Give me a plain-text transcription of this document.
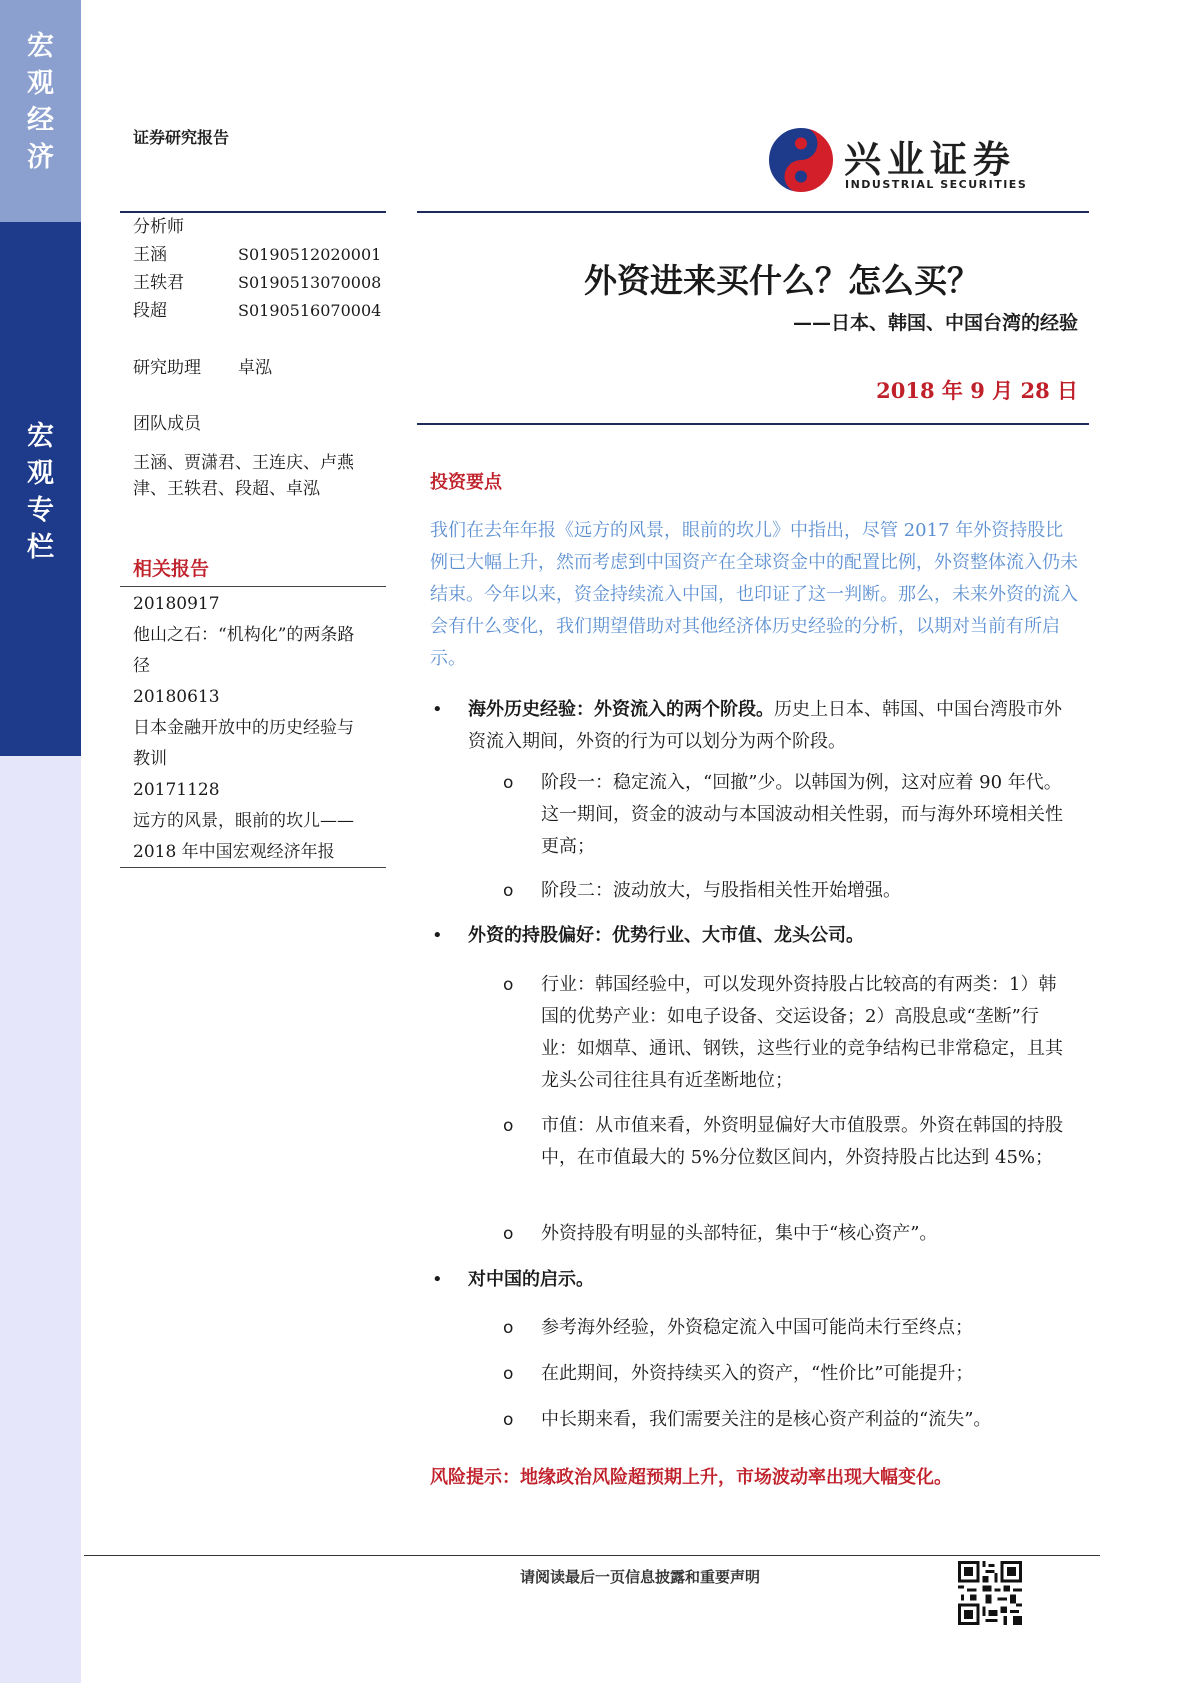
宏
观
经
济
宏
观
专
栏
证券研究报告
兴业证券
INDUSTRIAL SECURITIES
分析师
王涵	S0190512020001
王轶君	S0190513070008
段超	S0190516070004
研究助理 卓泓
团队成员
王涵、贾潇君、王连庆、卢燕
津、王轶君、段超、卓泓
相关报告
20180917
他山之石：“机构化”的两条路
径
20180613
日本金融开放中的历史经验与
教训
20171128
远方的风景，眼前的坎儿——
2018 年中国宏观经济年报
外资进来买什么？怎么买？
——日本、韩国、中国台湾的经验
2018 年 9 月 28 日
投资要点
我们在去年年报《远方的风景，眼前的坎儿》中指出，尽管 2017 年外资持股比例已大幅上升，然而考虑到中国资产在全球资金中的配置比例，外资整体流入仍未结束。今年以来，资金持续流入中国，也印证了这一判断。那么，未来外资的流入会有什么变化，我们期望借助对其他经济体历史经验的分析，以期对当前有所启示。
• 海外历史经验：外资流入的两个阶段。历史上日本、韩国、中国台湾股市外资流入期间，外资的行为可以划分为两个阶段。
o 阶段一：稳定流入，“回撤”少。以韩国为例，这对应着 90 年代。这一期间，资金的波动与本国波动相关性弱，而与海外环境相关性更高；
o 阶段二：波动放大，与股指相关性开始增强。
• 外资的持股偏好：优势行业、大市值、龙头公司。
o 行业：韩国经验中，可以发现外资持股占比较高的有两类：1）韩国的优势产业：如电子设备、交运设备；2）高股息或“垄断”行业：如烟草、通讯、钢铁，这些行业的竞争结构已非常稳定，且其龙头公司往往具有近垄断地位；
o 市值：从市值来看，外资明显偏好大市值股票。外资在韩国的持股中，在市值最大的 5%分位数区间内，外资持股占比达到 45%；
o 外资持股有明显的头部特征，集中于“核心资产”。
• 对中国的启示。
o 参考海外经验，外资稳定流入中国可能尚未行至终点；
o 在此期间，外资持续买入的资产，“性价比”可能提升；
o 中长期来看，我们需要关注的是核心资产利益的“流失”。
风险提示：地缘政治风险超预期上升，市场波动率出现大幅变化。
请阅读最后一页信息披露和重要声明
